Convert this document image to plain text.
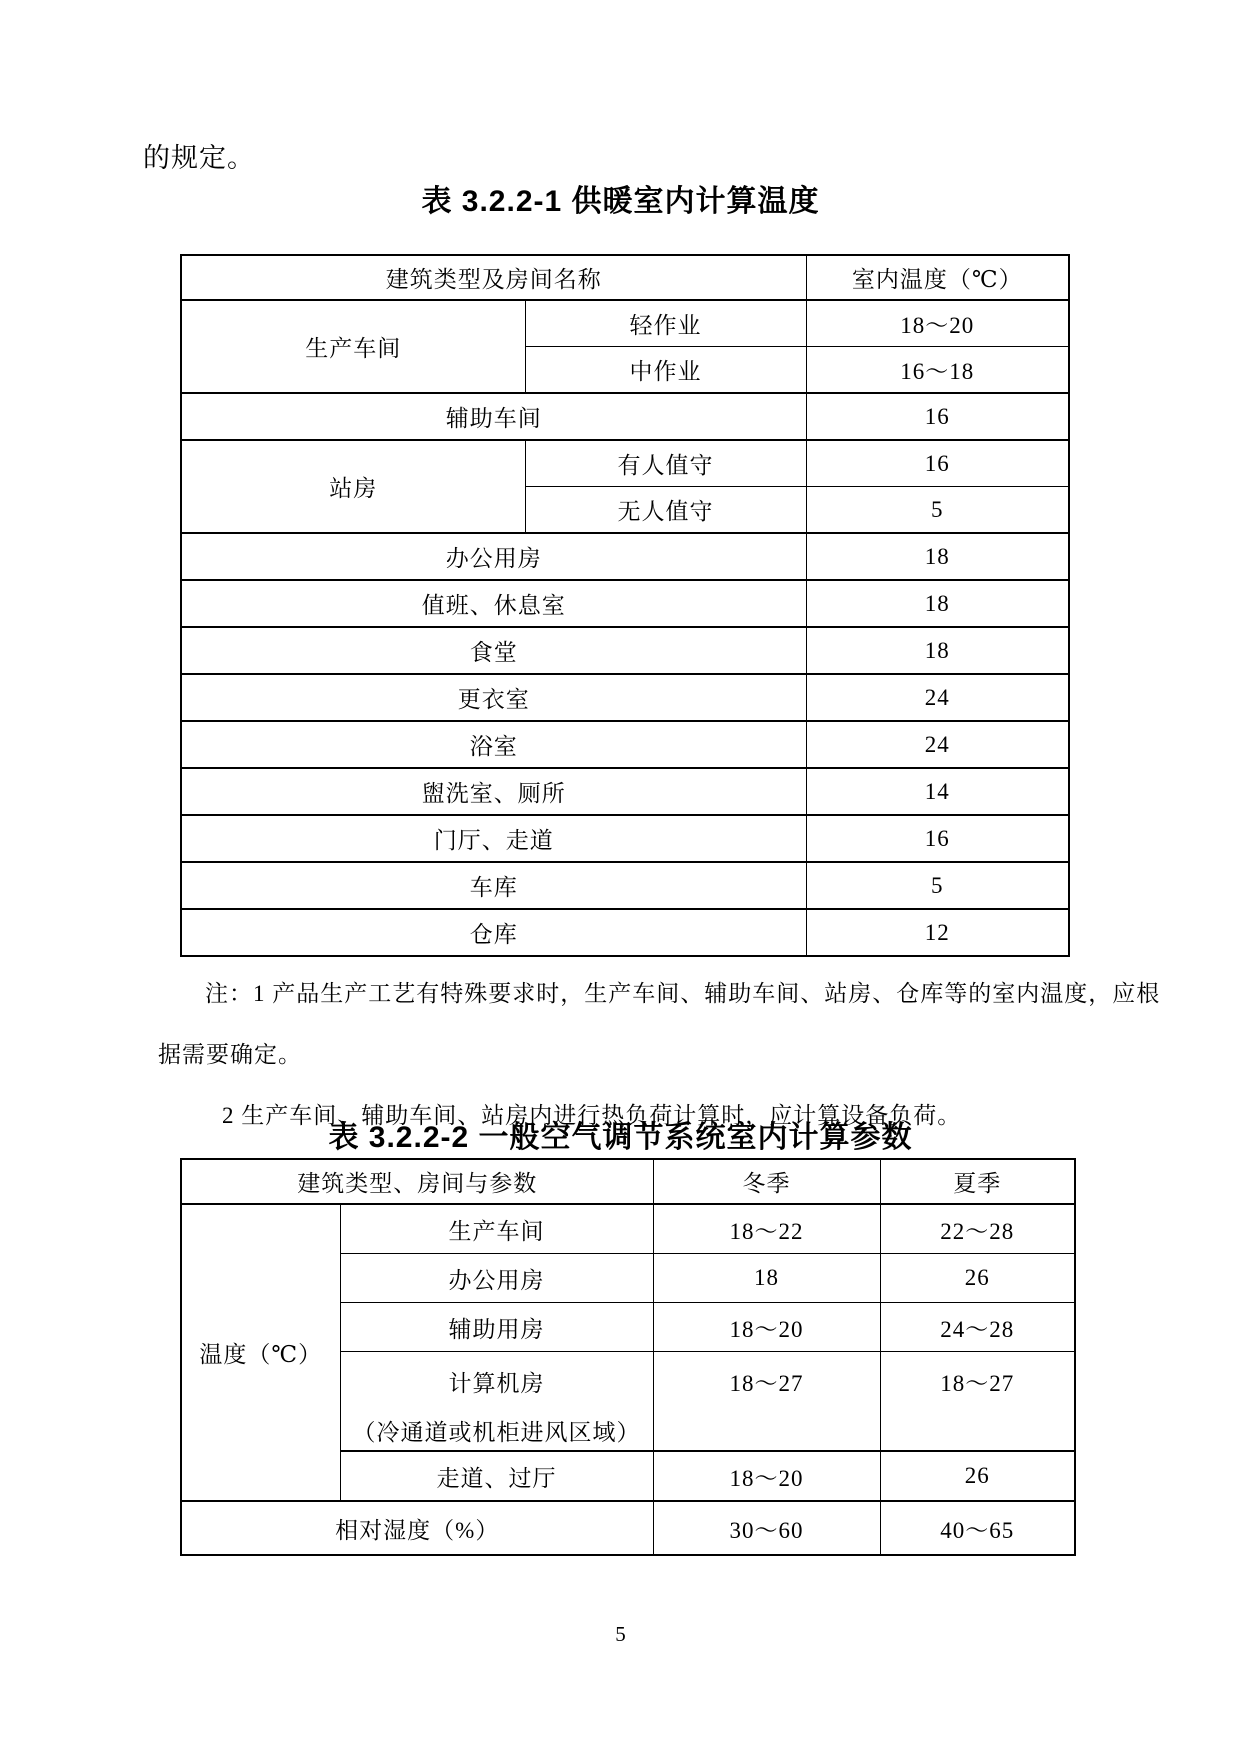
的规定。
表 3.2.2-1 供暖室内计算温度
建筑类型及房间名称		室内温度（℃）
生产车间	轻作业	18～20
	中作业	16～18
辅助车间		16
站房	有人值守	16
	无人值守	5
办公用房		18
值班、休息室		18
食堂		18
更衣室		24
浴室		24
盥洗室、厕所		14
门厅、走道		16
车库		5
仓库		12
注：1 产品生产工艺有特殊要求时，生产车间、辅助车间、站房、仓库等的室内温度，应根
据需要确定。
2 生产车间、辅助车间、站房内进行热负荷计算时，应计算设备负荷。
表 3.2.2-2 一般空气调节系统室内计算参数
建筑类型、房间与参数		冬季	夏季
温度（℃）	生产车间	18～22	22～28
	办公用房	18	26
	辅助用房	18～20	24～28
	计算机房	18～27	18～27
	（冷通道或机柜进风区域）		
	走道、过厅	18～20	26
相对湿度（%）		30～60	40～65
5
